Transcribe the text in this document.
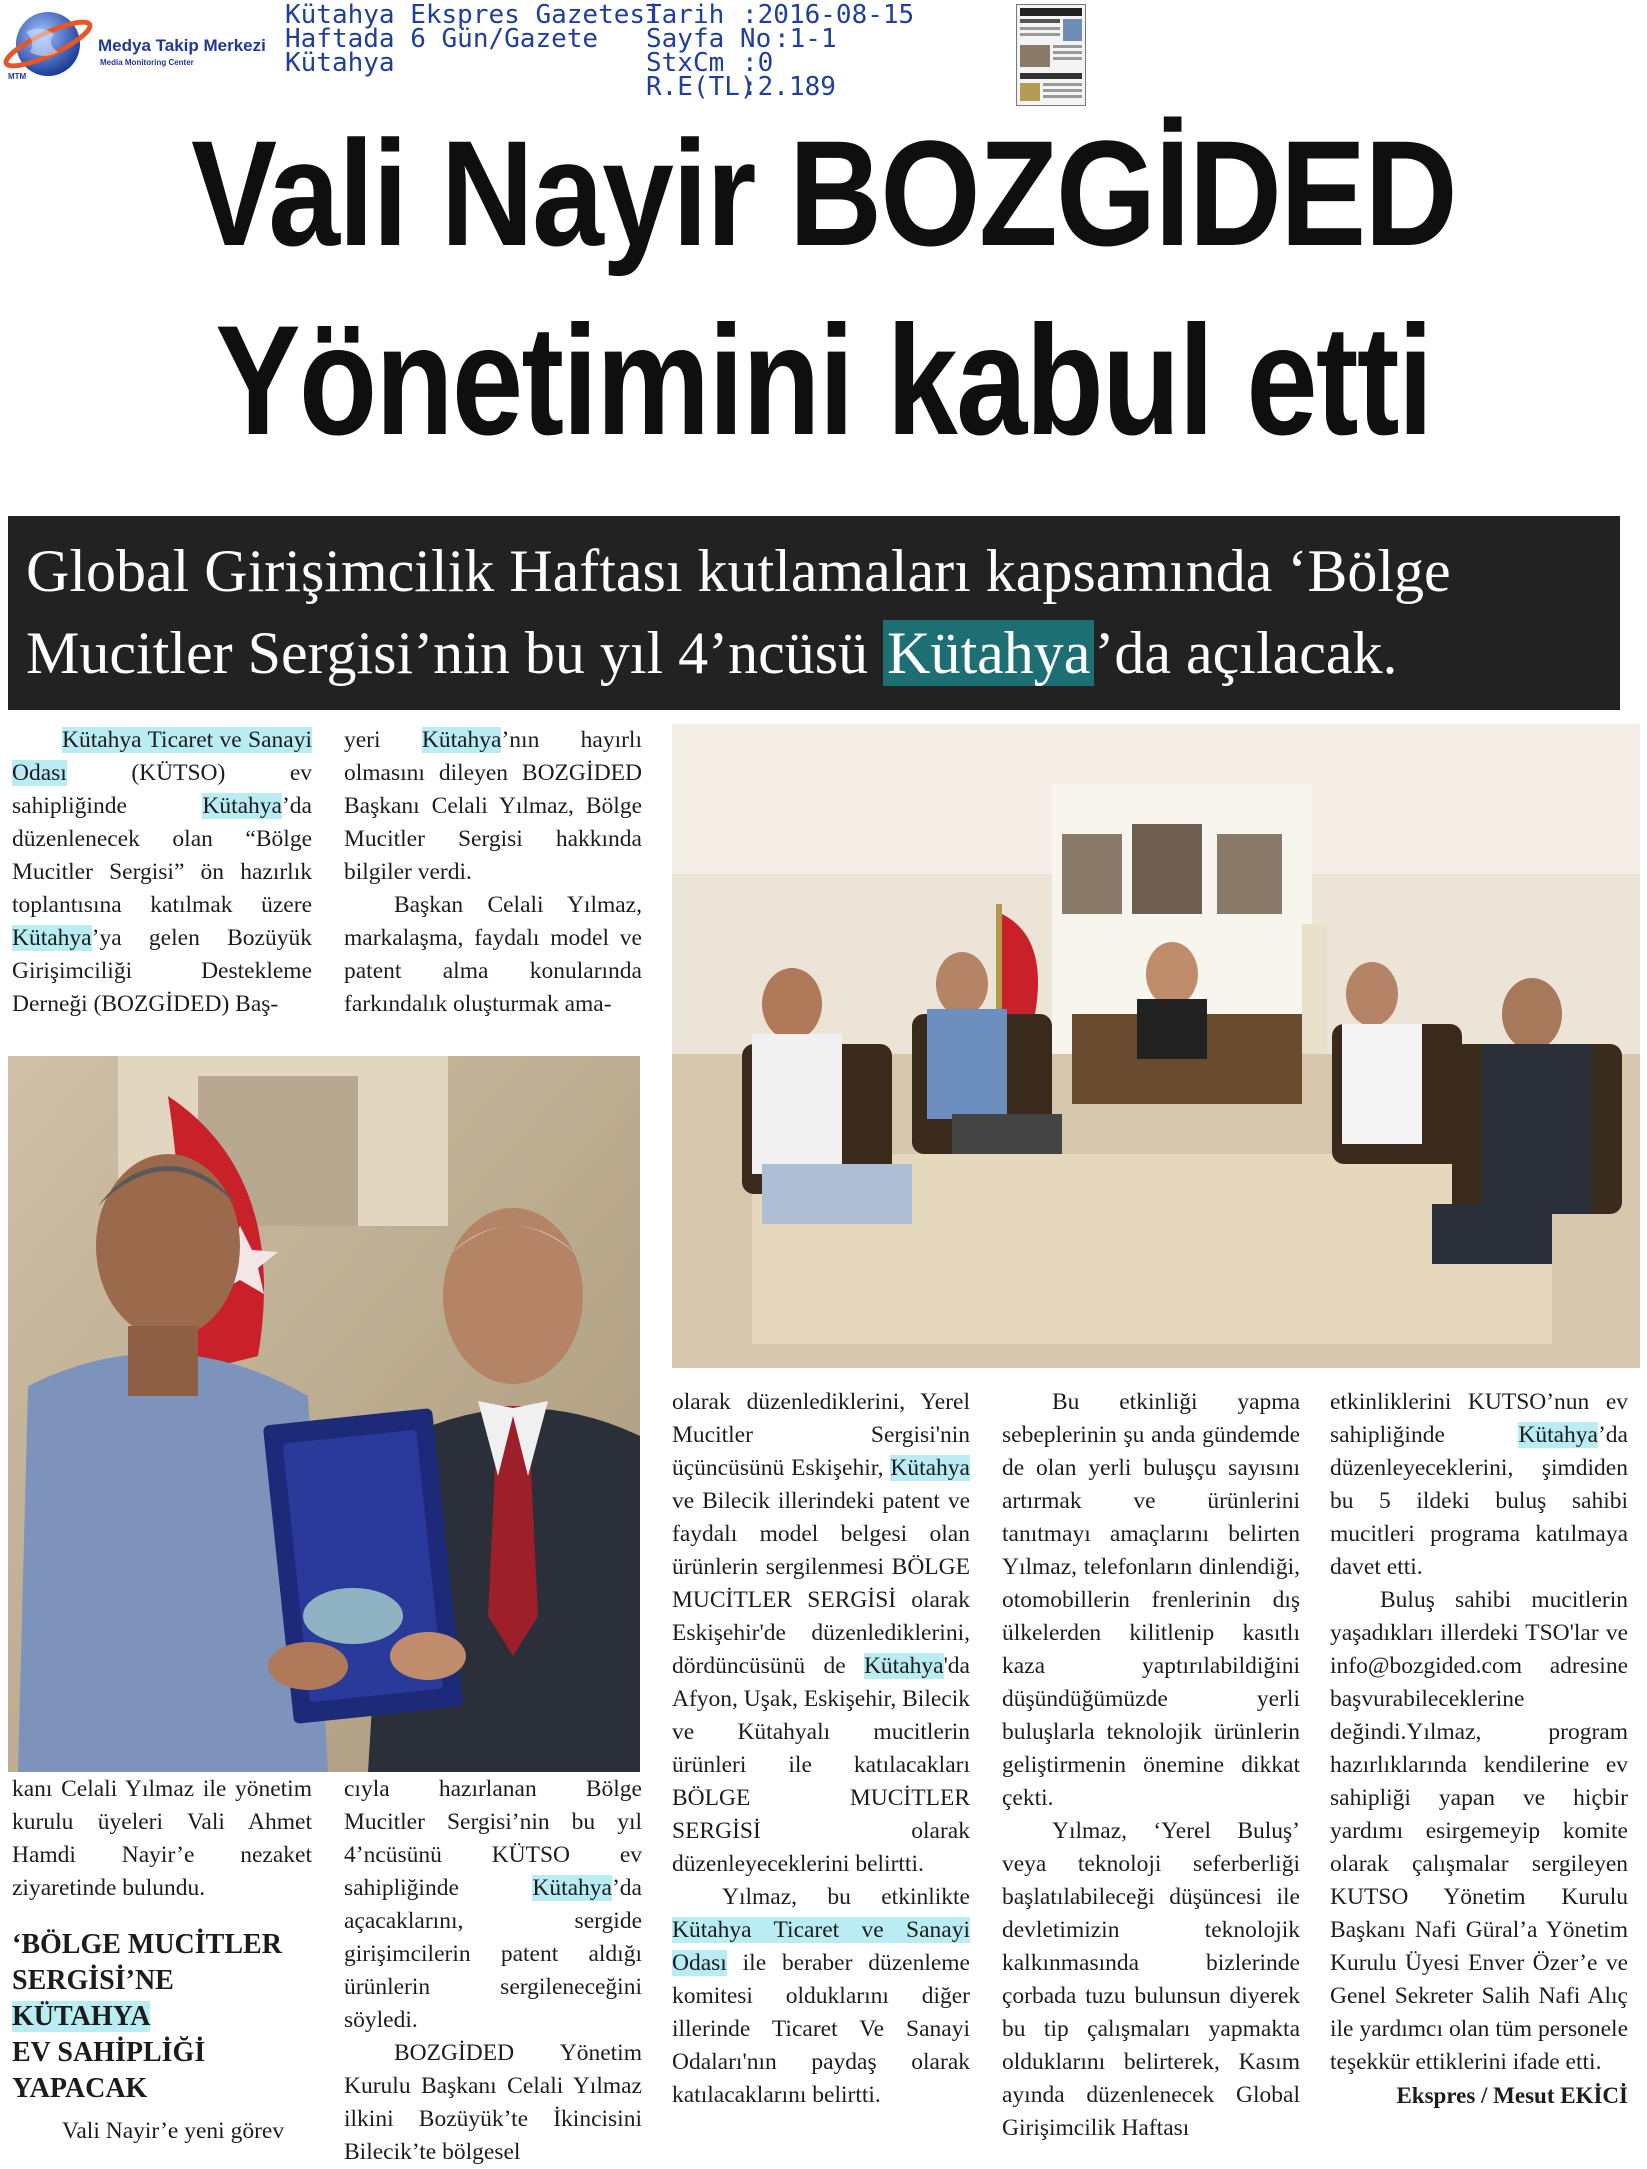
Medya Takip Merkezi
Media Monitoring Center
MTM
Kütahya Ekspres Gazetesi
Haftada 6 Gün/Gazete
Kütahya
Tarih :2016-08-15
Sayfa No :1-1
StxCm :0
R.E(TL)
:2.189
Vali Nayir BOZGİDED
Yönetimini kabul etti
Global Girişimcilik Haftası kutlamaları kapsamında ‘Bölge Mucitler Sergisi’nin bu yıl 4’ncüsü Kütahya’da açılacak.

Kütahya Ticaret ve Sanayi Odası (KÜTSO) ev sahipliğinde Kütahya’da düzenlenecek olan “Bölge Mucitler Sergisi” ön hazırlık toplantısına katılmak üzere Kütahya’ya gelen Bozüyük Girişimciliği Destekleme Derneği (BOZGİDED) Baş-

yeri Kütahya’nın hayırlı olmasını dileyen BOZGİDED Başkanı Celali Yılmaz, Bölge Mucitler Sergisi hakkında bilgiler verdi.

Başkan Celali Yılmaz, markalaşma, faydalı model ve patent alma konularında farkındalık oluşturmak ama-

kanı Celali Yılmaz ile yönetim kurulu üyeleri Vali Ahmet Hamdi Nayir’e nezaket ziyaretinde bulundu.

‘BÖLGE MUCİTLER SERGİSİ’NE
KÜTAHYA
EV SAHİPLİĞİ YAPACAK

Vali Nayir’e yeni görev

cıyla hazırlanan Bölge Mucitler Sergisi’nin bu yıl 4’ncüsünü KÜTSO ev sahipliğinde Kütahya’da açacaklarını, sergide girişimcilerin patent aldığı ürünlerin sergileneceğini söyledi.

BOZGİDED Yönetim Kurulu Başkanı Celali Yılmaz ilkini Bozüyük’te İkincisini Bilecik’te bölgesel

olarak düzenlediklerini, Yerel Mucitler Sergisi'nin üçüncüsünü Eskişehir, Kütahya ve Bilecik illerindeki patent ve faydalı model belgesi olan ürünlerin sergilenmesi BÖLGE MUCİTLER SERGİSİ olarak Eskişehir'de düzenlediklerini, dördüncüsünü de Kütahya'da Afyon, Uşak, Eskişehir, Bilecik ve Kütahyalı mucitlerin ürünleri ile katılacakları BÖLGE MUCİTLER SERGİSİ olarak düzenleyeceklerini belirtti.

Yılmaz, bu etkinlikte Kütahya Ticaret ve Sanayi Odası ile beraber düzenleme komitesi olduklarını diğer illerinde Ticaret Ve Sanayi Odaları'nın paydaş olarak katılacaklarını belirtti.

Bu etkinliği yapma sebeplerinin şu anda gündemde de olan yerli buluşçu sayısını artırmak ve ürünlerini tanıtmayı amaçlarını belirten Yılmaz, telefonların dinlendiği, otomobillerin frenlerinin dış ülkelerden kilitlenip kasıtlı kaza yaptırılabildiğini düşündüğümüzde yerli buluşlarla teknolojik ürünlerin geliştirmenin önemine dikkat çekti.

Yılmaz, ‘Yerel Buluş’ veya teknoloji seferberliği başlatılabileceği düşüncesi ile devletimizin teknolojik kalkınmasında bizlerinde çorbada tuzu bulunsun diyerek bu tip çalışmaları yapmakta olduklarını belirterek, Kasım ayında düzenlenecek Global Girişimcilik Haftası

etkinliklerini KUTSO’nun ev sahipliğinde Kütahya’da düzenleyeceklerini, şimdiden bu 5 ildeki buluş sahibi mucitleri programa katılmaya davet etti.

Buluş sahibi mucitlerin yaşadıkları illerdeki TSO'lar ve info@bozgided.com adresine başvurabileceklerine değindi.Yılmaz, program hazırlıklarında kendilerine ev sahipliği yapan ve hiçbir yardımı esirgemeyip komite olarak çalışmalar sergileyen KUTSO Yönetim Kurulu Başkanı Nafi Güral’a Yönetim Kurulu Üyesi Enver Özer’e ve Genel Sekreter Salih Nafi Alıç ile yardımcı olan tüm personele teşekkür ettiklerini ifade etti.

Ekspres / Mesut EKİCİ
